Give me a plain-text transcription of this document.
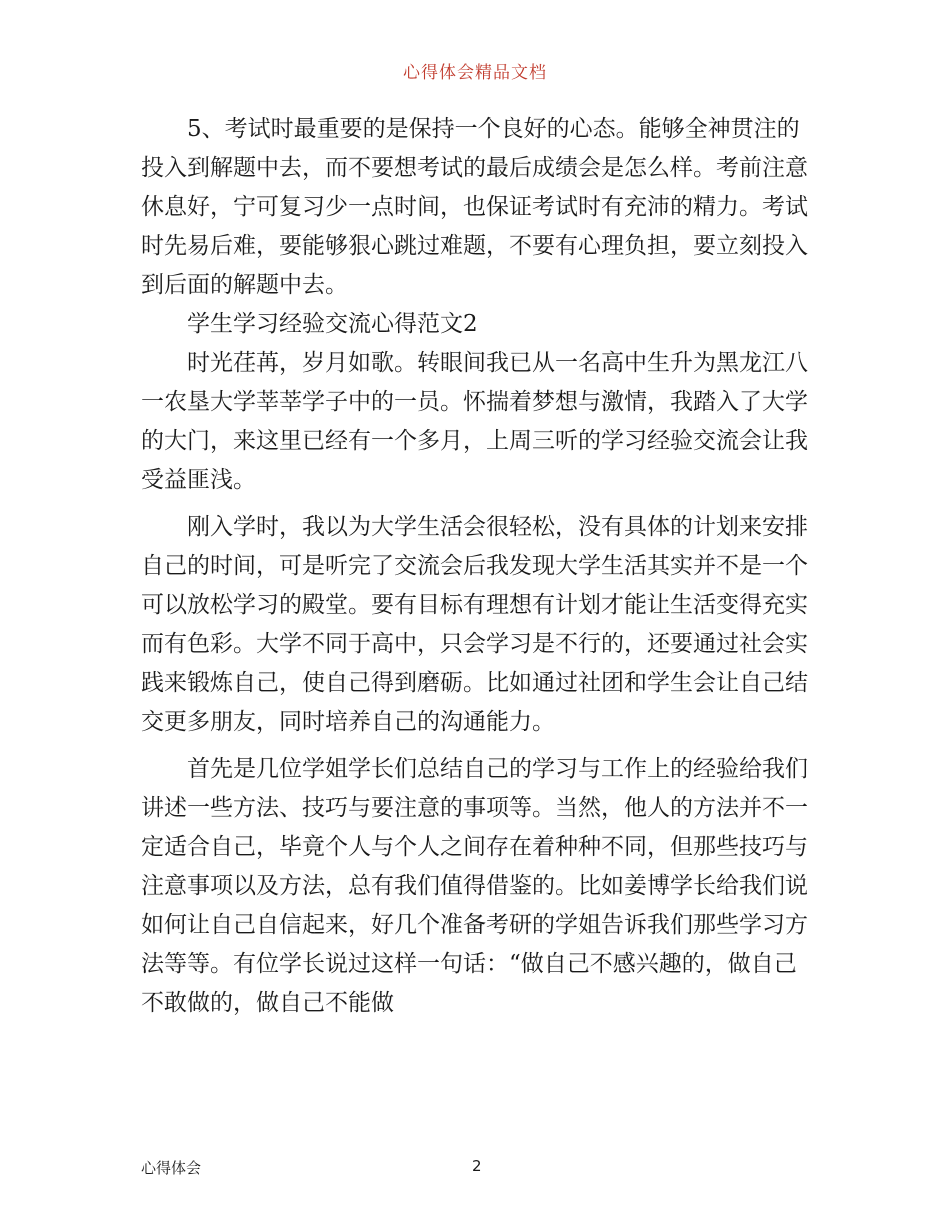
心得体会精品文档

5、考试时最重要的是保持一个良好的心态。能够全神贯注的投入到解题中去，而不要想考试的最后成绩会是怎么样。考前注意休息好，宁可复习少一点时间，也保证考试时有充沛的精力。考试时先易后难，要能够狠心跳过难题，不要有心理负担，要立刻投入到后面的解题中去。

学生学习经验交流心得范文2

时光荏苒，岁月如歌。转眼间我已从一名高中生升为黑龙江八一农垦大学莘莘学子中的一员。怀揣着梦想与激情，我踏入了大学的大门，来这里已经有一个多月，上周三听的学习经验交流会让我受益匪浅。

刚入学时，我以为大学生活会很轻松，没有具体的计划来安排自己的时间，可是听完了交流会后我发现大学生活其实并不是一个可以放松学习的殿堂。要有目标有理想有计划才能让生活变得充实而有色彩。大学不同于高中，只会学习是不行的，还要通过社会实践来锻炼自己，使自己得到磨砺。比如通过社团和学生会让自己结交更多朋友，同时培养自己的沟通能力。

首先是几位学姐学长们总结自己的学习与工作上的经验给我们讲述一些方法、技巧与要注意的事项等。当然，他人的方法并不一定适合自己，毕竟个人与个人之间存在着种种不同，但那些技巧与注意事项以及方法，总有我们值得借鉴的。比如姜博学长给我们说如何让自己自信起来，好几个准备考研的学姐告诉我们那些学习方法等等。有位学长说过这样一句话：“做自己不感兴趣的，做自己不敢做的，做自己不能做

心得体会	2
